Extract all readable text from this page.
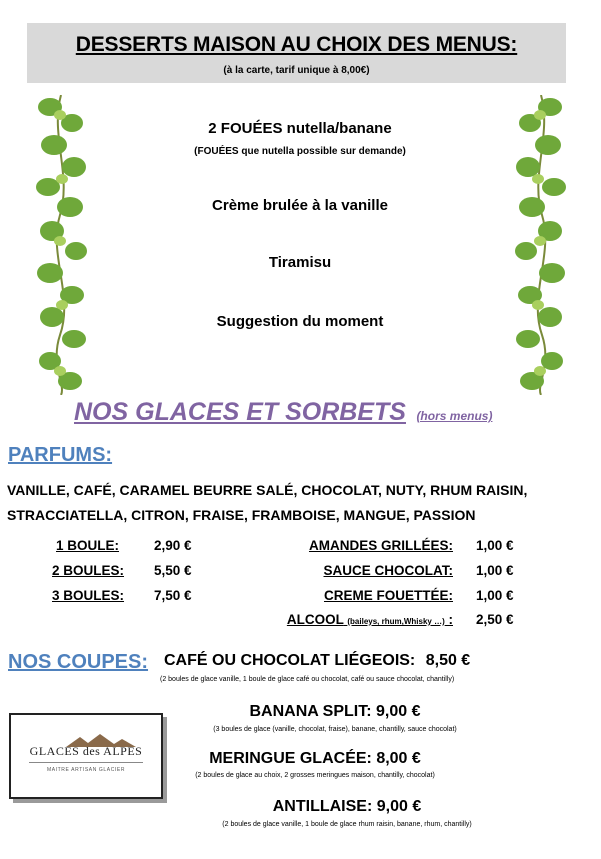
DESSERTS MAISON AU CHOIX DES MENUS:
(à la carte, tarif unique à 8,00€)
2 FOUÉES nutella/banane
(FOUÉES que nutella possible sur demande)
Crème brulée à la vanille
Tiramisu
Suggestion du moment
NOS GLACES ET SORBETS (hors menus)
PARFUMS:
VANILLE, CAFÉ, CARAMEL BEURRE SALÉ, CHOCOLAT, NUTY, RHUM RAISIN,
STRACCIATELLA, CITRON, FRAISE, FRAMBOISE, MANGUE, PASSION
1 BOULE:	2,90 €
2 BOULES: 5,50 €
3 BOULES: 7,50 €
AMANDES GRILLÉES: 1,00 €
SAUCE CHOCOLAT: 1,00 €
CREME FOUETTÉE: 1,00 €
ALCOOL (baileys, rhum,Whisky …) : 2,50 €
NOS COUPES: CAFÉ OU CHOCOLAT LIÉGEOIS: 8,50 €
(2 boules de glace vanille, 1 boule de glace café ou chocolat, café ou sauce chocolat, chantilly)
BANANA SPLIT: 9,00 €
(3 boules de glace (vanille, chocolat, fraise), banane, chantilly, sauce chocolat)
MERINGUE GLACÉE: 8,00 €
(2 boules de glace au choix, 2 grosses meringues maison, chantilly, chocolat)
ANTILLAISE: 9,00 €
(2 boules de glace vanille, 1 boule de glace rhum raisin, banane, rhum, chantilly)
GLACES des ALPES
MAITRE ARTISAN GLACIER
